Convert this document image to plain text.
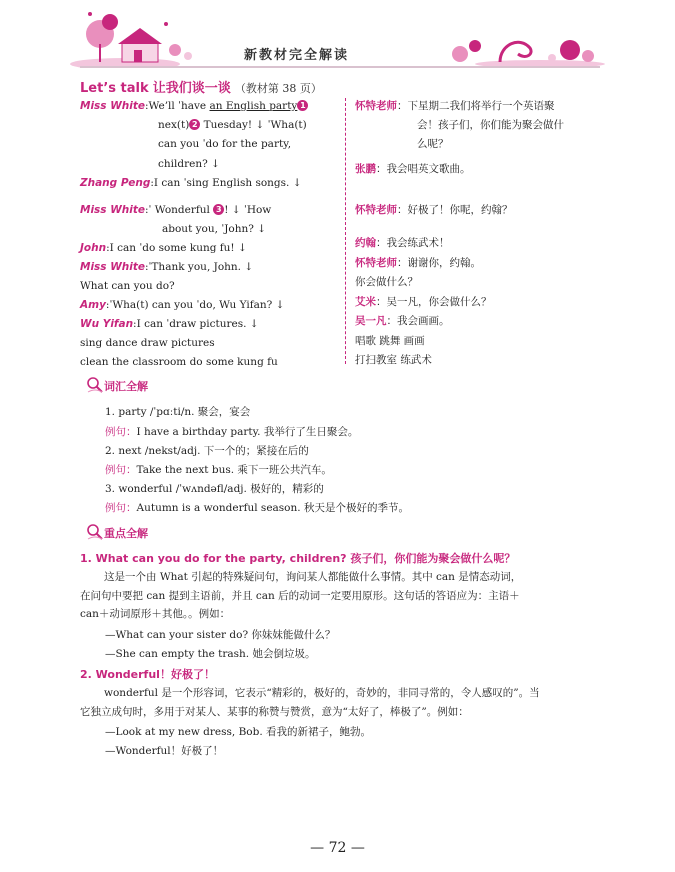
新教材完全解读
Let’s talk 让我们谈一谈 （教材第 38 页）
Miss White:We’ll ˈhave an English party 1
nex(t) 2 Tuesday! ↓ ˈWha(t)
can you ˈdo for the party,
children? ↓
Zhang Peng:I can ˈsing English songs. ↓
Miss White:ˈ Wonderful 3 ! ↓ ˈHow
about you, ˈJohn? ↓
John:I can ˈdo some kung fu! ↓
Miss White:ˈThank you, John. ↓
What can you do?
Amy:ˈWha(t) can you ˈdo, Wu Yifan? ↓
Wu Yifan:I can ˈdraw pictures. ↓
sing dance draw pictures
clean the classroom do some kung fu
怀特老师：下星期二我们将举行一个英语聚
会！孩子们，你们能为聚会做什
么呢？
张鹏：我会唱英文歌曲。
怀特老师：好极了！你呢，约翰？
约翰：我会练武术！
怀特老师：谢谢你，约翰。
你会做什么？
艾米：吴一凡，你会做什么？
吴一凡：我会画画。
唱歌 跳舞 画画
打扫教室 练武术
词汇全解
1. party /ˈpɑːti/n. 聚会，宴会
例句：I have a birthday party. 我举行了生日聚会。
2. next /nekst/adj. 下一个的；紧接在后的
例句：Take the next bus. 乘下一班公共汽车。
3. wonderful /ˈwʌndəfl/adj. 极好的，精彩的
例句：Autumn is a wonderful season. 秋天是个极好的季节。
重点全解
1. What can you do for the party, children? 孩子们，你们能为聚会做什么呢？
这是一个由 What 引起的特殊疑问句，询问某人都能做什么事情。其中 can 是情态动词，
在问句中要把 can 提到主语前，并且 can 后的动词一定要用原形。这句话的答语应为：主语＋
can＋动词原形＋其他。。例如：
—What can your sister do? 你妹妹能做什么？
—She can empty the trash. 她会倒垃圾。
2. Wonderful！好极了！
wonderful 是一个形容词，它表示“精彩的，极好的，奇妙的，非同寻常的，令人感叹的”。当
它独立成句时，多用于对某人、某事的称赞与赞赏，意为“太好了，棒极了”。例如：
—Look at my new dress, Bob. 看我的新裙子，鲍勃。
—Wonderful！好极了！
— 72 —
